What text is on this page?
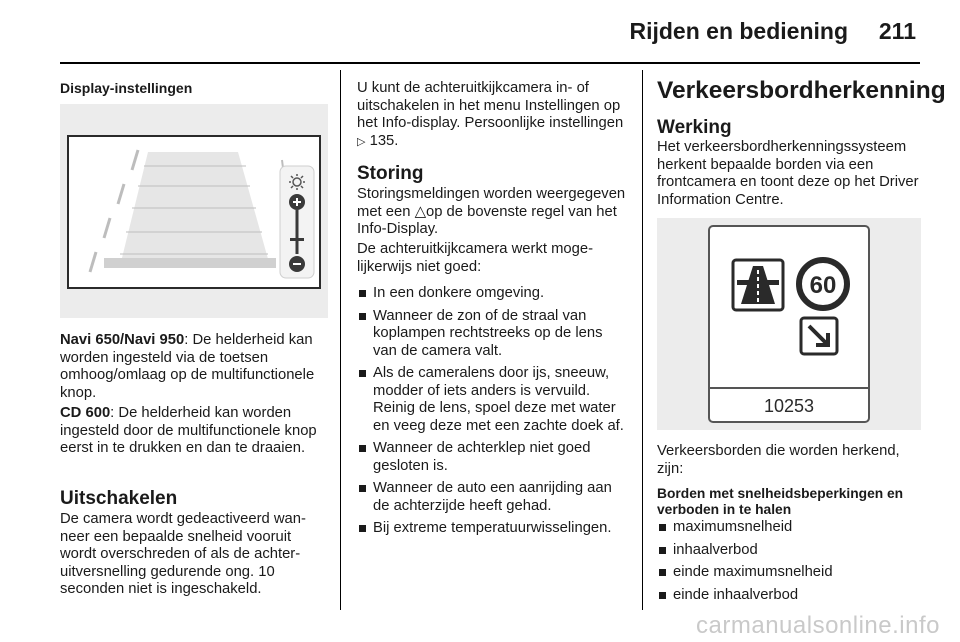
Rijden en bediening 211

Display-instellingen

Navi 650/Navi 950: De helderheid kan worden ingesteld via de toetsen omhoog/omlaag op de multifunctionele knop.

CD 600: De helderheid kan worden ingesteld door de multifunctionele knop eerst in te drukken en dan te draaien.

Uitschakelen

De camera wordt gedeactiveerd wanneer een bepaalde snelheid vooruit wordt overschreden of als de achteruitversnelling gedurende ong. 10 seconden niet is ingeschakeld.

U kunt de achteruitkijkcamera in- of uitschakelen in het menu Instellingen op het Info-display. Persoonlijke instellingen ▷ 135.

Storing

Storingsmeldingen worden weergegeven met een △op de bovenste regel van het Info-Display.

De achteruitkijkcamera werkt mogelijkerwijs niet goed:

In een donkere omgeving.
Wanneer de zon of de straal van koplampen rechtstreeks op de lens van de camera valt.
Als de cameralens door ijs, sneeuw, modder of iets anders is vervuild. Reinig de lens, spoel deze met water en veeg deze met een zachte doek af.
Wanneer de achterklep niet goed gesloten is.
Wanneer de auto een aanrijding aan de achterzijde heeft gehad.
Bij extreme temperatuurwisselingen.

Verkeersbordherkenning

Werking

Het verkeersbordherkenningssysteem herkent bepaalde borden via een frontcamera en toont deze op het Driver Information Centre.

60
10253

Verkeersborden die worden herkend, zijn:

Borden met snelheidsbeperkingen en verboden in te halen

maximumsnelheid
inhaalverbod
einde maximumsnelheid
einde inhaalverbod
carmanualsonline.info
